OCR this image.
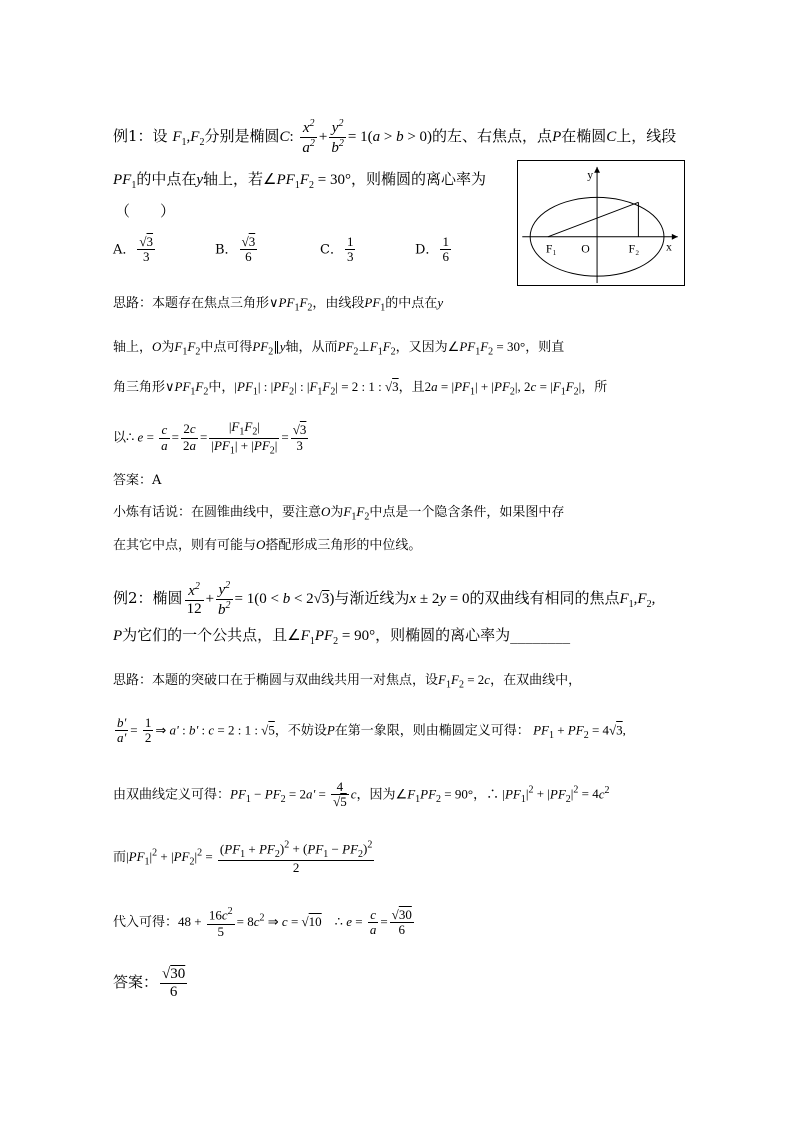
例1：设 $F_1,F_2$分别是椭圆C: $\frac{x^2}{a^2} + \frac{y^2}{b^2} = 1(a > b > 0)$的左、右焦点，点P在椭圆C上，线段
$PF_1$的中点在y轴上，若$\angle PF_1F_2 = 30^\circ$，则椭圆的离心率为
（　　）
A． $\frac{√3}{3}$	B． $\frac{√3}{6}$	C． $\frac{1}{3}$	D． $\frac{1}{6}$
y
x
F₁ O	F₂
思路：本题存在焦点三角形$\vee PF_1F_2$，由线段$PF_1$的中点在y
轴上，O为$F_1F_2$中点可得$PF_2\parallel y$轴，从而$PF_2\perp F_1F_2$，又因为$\angle PF_1F_2 = 30^\circ$，则直
角三角形$\vee PF_1F_2$中，$|PF_1|$ : $|PF_2|$ : $|F_1F_2| = 2$ : 1 : √3，且$2a = |PF_1| + |PF_2|$, $2c = |F_1F_2|$，所
以∴ $e = \frac{c}{a} = \frac{2c}{2a} = \frac{|F_1F_2|}{|PF_1| + |PF_2|} = \frac{√3}{3}$
答案：A
小炼有话说：在圆锥曲线中，要注意O为$F_1F_2$中点是一个隐含条件，如果图中存
在其它中点，则有可能与O搭配形成三角形的中位线。
例2：椭圆 $\frac{x^2}{12} + \frac{y^2}{b^2} = 1(0 < b < 2√3)$与渐近线为x ± 2y = 0的双曲线有相同的焦点$F_1,F_2$,
P为它们的一个公共点，且$\angle F_1PF_2 = 90^\circ$，则椭圆的离心率为________
思路：本题的突破口在于椭圆与双曲线共用一对焦点，设$F_1F_2 = 2c$，在双曲线中，
$\frac{b'}{a'} = \frac{1}{2}$ ⇒ a' : b' : c = 2 : 1 : √5，不妨设P在第一象限，则由椭圆定义可得： $PF_1 + PF_2 = 4√3$,
由双曲线定义可得：$PF_1 - PF_2 = 2a' = \frac{4}{√5}$ c，因为$\angle F_1PF_2 = 90^\circ$，∴ $|PF_1|^2 + |PF_2|^2 = 4c^2$
而$|PF_1|^2 + |PF_2|^2 = \frac{(PF_1 + PF_2)^2 + (PF_1 - PF_2)^2}{2}$
代入可得：$48 + \frac{16c^2}{5} = 8c^2$ ⇒ c = √10    ∴ $e = \frac{c}{a} = \frac{√30}{6}$
答案： $\frac{√30}{6}$
